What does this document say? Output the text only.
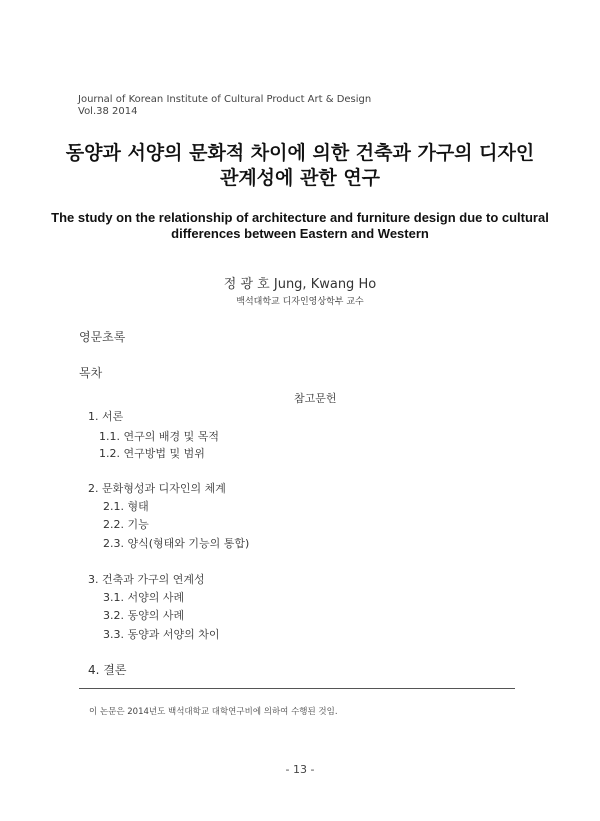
Journal of Korean Institute of Cultural Product Art & Design
Vol.38 2014
동양과 서양의 문화적 차이에 의한 건축과 가구의 디자인
관계성에 관한 연구
The study on the relationship of architecture and furniture design due to cultural
differences between Eastern and Western
정 광 호 Jung, Kwang Ho
백석대학교 디자인영상학부 교수
영문초록
목차
참고문헌
1. 서론
1.1. 연구의 배경 및 목적
1.2. 연구방법 및 범위
2. 문화형성과 디자인의 체계
2.1. 형태
2.2. 기능
2.3. 양식(형태와 기능의 통합)
3. 건축과 가구의 연계성
3.1. 서양의 사례
3.2. 동양의 사례
3.3. 동양과 서양의 차이
4. 결론
이 논문은 2014년도 백석대학교 대학연구비에 의하여 수행된 것임.
- 13 -
